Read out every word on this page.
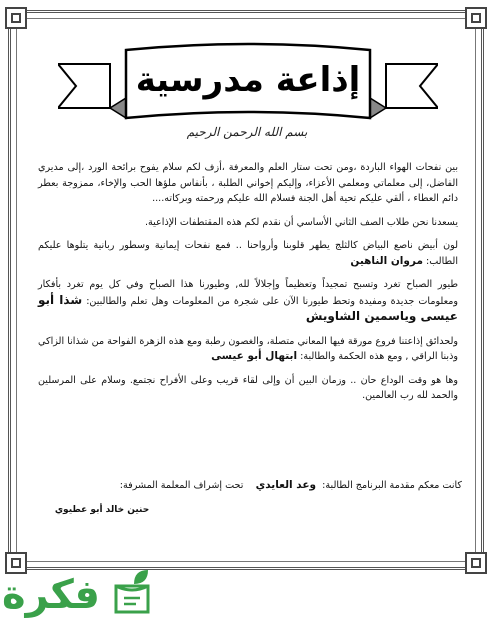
إذاعة مدرسية
بسم الله الرحمن الرحيم

بين نفحات الهواء الباردة ،ومن تحت ستار العلم والمعرفة ،أزف لكم سلام يفوح برائحة الورد ،إلى مديري الفاضل، إلى معلماتي ومعلمي الأعزاء، وإليكم إخواني الطلبة ، بأنفاس ملؤها الحب والإخاء، ممزوجة بعطر دائم العطاء ، ألقي عليكم تحية أهل الجنة فسلام الله عليكم ورحمته وبركاته....

يسعدنا نحن طلاب الصف الثاني الأساسي أن نقدم لكم هذه المقتطفات الإذاعية.

لون أبيض ناصع البياض كالثلج يطهر قلوبنا وأرواحنا .. فمع نفحات إيمانية وسطور ربانية يتلوها عليكم الطالب: مروان الناهين

طيور الصباح تغرد وتسبح تمجيداً وتعظيماً وإجلالاً لله, وطيورنا هذا الصباح وفي كل يوم تغرد بأفكار ومعلومات جديدة ومفيدة وتحط طيورنا الآن على شجرة من المعلومات وهل تعلم والطالبين: شذا أبو عيسى وياسمين الشاويش

ولحدائق إذاعتنا فروع مورقة فيها المعاني متصلة، والغصون رطبة ومع هذه الزهرة الفواحة من شذانا الزاكي وذبنا الراقي , ومع هذه الحكمة والطالبة: ابتهال أبو عيسى

وها هو وقت الوداع حان .. وزمان البين أن وإلى لقاء قريب وعلى الأفراح نجتمع. وسلام على المرسلين والحمد لله رب العالمين.

كانت معكم مقدمة البرنامج الطالبة:  وعد العايدي    تحت إشراف المعلمة المشرفة:
حنين خالد أبو عطيوي
فكرة
